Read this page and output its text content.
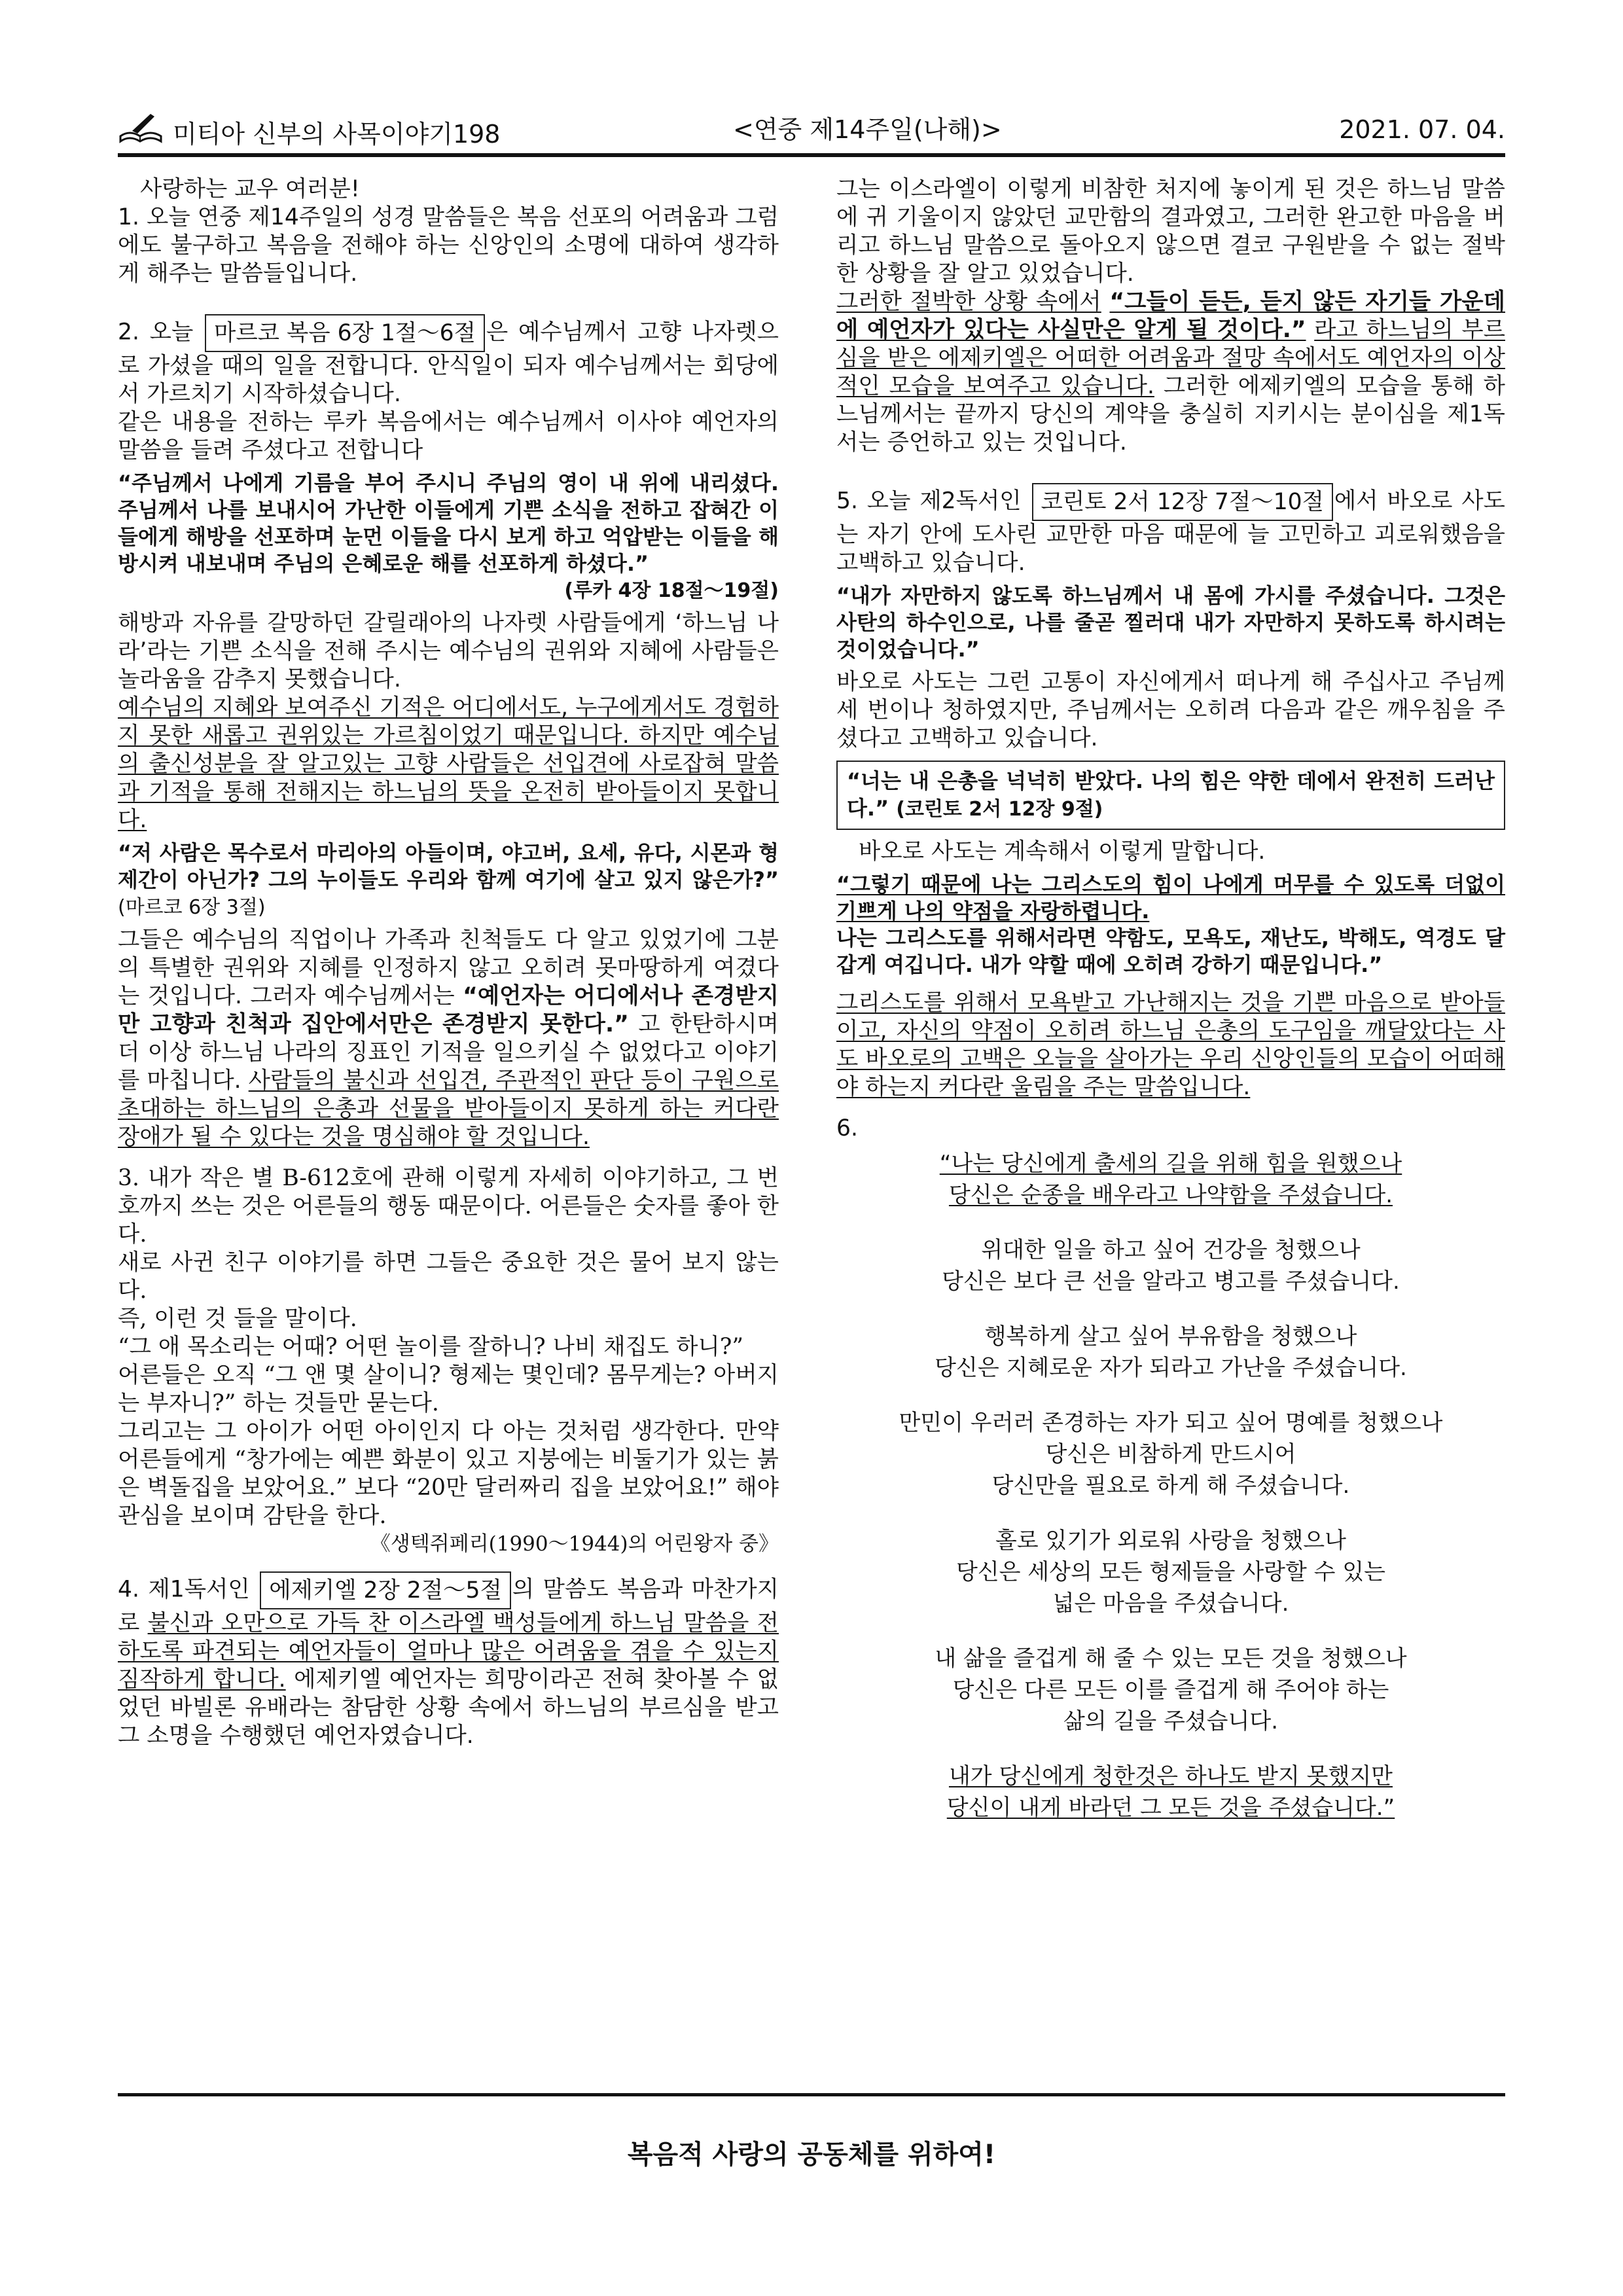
미티아 신부의 사목이야기198	<연중 제14주일(나해)>	2021. 07. 04.

사랑하는 교우 여러분!

1. 오늘 연중 제14주일의 성경 말씀들은 복음 선포의 어려움과 그럼에도 불구하고 복음을 전해야 하는 신앙인의 소명에 대하여 생각하게 해주는 말씀들입니다.

2. 오늘 마르코 복음 6장 1절～6절 은 예수님께서 고향 나자렛으로 가셨을 때의 일을 전합니다. 안식일이 되자 예수님께서는 회당에서 가르치기 시작하셨습니다.

같은 내용을 전하는 루카 복음에서는 예수님께서 이사야 예언자의 말씀을 들려 주셨다고 전합니다

“주님께서 나에게 기름을 부어 주시니 주님의 영이 내 위에 내리셨다. 주님께서 나를 보내시어 가난한 이들에게 기쁜 소식을 전하고 잡혀간 이들에게 해방을 선포하며 눈먼 이들을 다시 보게 하고 억압받는 이들을 해방시켜 내보내며 주님의 은혜로운 해를 선포하게 하셨다.”

(루카 4장 18절～19절)

해방과 자유를 갈망하던 갈릴래아의 나자렛 사람들에게 ‘하느님 나라’라는 기쁜 소식을 전해 주시는 예수님의 권위와 지혜에 사람들은 놀라움을 감추지 못했습니다.

예수님의 지혜와 보여주신 기적은 어디에서도, 누구에게서도 경험하지 못한 새롭고 권위있는 가르침이었기 때문입니다. 하지만 예수님의 출신성분을 잘 알고있는 고향 사람들은 선입견에 사로잡혀 말씀과 기적을 통해 전해지는 하느님의 뜻을 온전히 받아들이지 못합니다.

“저 사람은 목수로서 마리아의 아들이며, 야고버, 요세, 유다, 시몬과 형제간이 아닌가? 그의 누이들도 우리와 함께 여기에 살고 있지 않은가?” (마르코 6장 3절)

그들은 예수님의 직업이나 가족과 친척들도 다 알고 있었기에 그분의 특별한 권위와 지혜를 인정하지 않고 오히려 못마땅하게 여겼다는 것입니다. 그러자 예수님께서는 “예언자는 어디에서나 존경받지만 고향과 친척과 집안에서만은 존경받지 못한다.” 고 한탄하시며 더 이상 하느님 나라의 징표인 기적을 일으키실 수 없었다고 이야기를 마칩니다. 사람들의 불신과 선입견, 주관적인 판단 등이 구원으로 초대하는 하느님의 은총과 선물을 받아들이지 못하게 하는 커다란 장애가 될 수 있다는 것을 명심해야 할 것입니다.

3. 내가 작은 별 B-612호에 관해 이렇게 자세히 이야기하고, 그 번호까지 쓰는 것은 어른들의 행동 때문이다. 어른들은 숫자를 좋아 한다.

새로 사귄 친구 이야기를 하면 그들은 중요한 것은 물어 보지 않는다.

즉, 이런 것 들을 말이다.

“그 애 목소리는 어때? 어떤 놀이를 잘하니? 나비 채집도 하니?”

어른들은 오직 “그 앤 몇 살이니? 형제는 몇인데? 몸무게는? 아버지는 부자니?” 하는 것들만 묻는다.

그리고는 그 아이가 어떤 아이인지 다 아는 것처럼 생각한다. 만약 어른들에게 “창가에는 예쁜 화분이 있고 지붕에는 비둘기가 있는 붉은 벽돌집을 보았어요.” 보다 “20만 달러짜리 집을 보았어요!” 해야 관심을 보이며 감탄을 한다.

《생텍쥐페리(1990～1944)의 어린왕자 중》

4. 제1독서인 에제키엘 2장 2절～5절 의 말씀도 복음과 마찬가지로 불신과 오만으로 가득 찬 이스라엘 백성들에게 하느님 말씀을 전하도록 파견되는 예언자들이 얼마나 많은 어려움을 겪을 수 있는지 짐작하게 합니다. 에제키엘 예언자는 희망이라곤 전혀 찾아볼 수 없었던 바빌론 유배라는 참담한 상황 속에서 하느님의 부르심을 받고 그 소명을 수행했던 예언자였습니다.

그는 이스라엘이 이렇게 비참한 처지에 놓이게 된 것은 하느님 말씀에 귀 기울이지 않았던 교만함의 결과였고, 그러한 완고한 마음을 버리고 하느님 말씀으로 돌아오지 않으면 결코 구원받을 수 없는 절박한 상황을 잘 알고 있었습니다.

그러한 절박한 상황 속에서 “그들이 듣든, 듣지 않든 자기들 가운데에 예언자가 있다는 사실만은 알게 될 것이다.” 라고 하느님의 부르심을 받은 에제키엘은 어떠한 어려움과 절망 속에서도 예언자의 이상적인 모습을 보여주고 있습니다. 그러한 에제키엘의 모습을 통해 하느님께서는 끝까지 당신의 계약을 충실히 지키시는 분이심을 제1독서는 증언하고 있는 것입니다.

5. 오늘 제2독서인 코린토 2서 12장 7절～10절 에서 바오로 사도는 자기 안에 도사린 교만한 마음 때문에 늘 고민하고 괴로워했음을 고백하고 있습니다.

“내가 자만하지 않도록 하느님께서 내 몸에 가시를 주셨습니다. 그것은 사탄의 하수인으로, 나를 줄곧 찔러대 내가 자만하지 못하도록 하시려는 것이었습니다.”

바오로 사도는 그런 고통이 자신에게서 떠나게 해 주십사고 주님께 세 번이나 청하였지만, 주님께서는 오히려 다음과 같은 깨우침을 주셨다고 고백하고 있습니다.

“너는 내 은총을 넉넉히 받았다. 나의 힘은 약한 데에서 완전히 드러난다.” (코린토 2서 12장 9절)

바오로 사도는 계속해서 이렇게 말합니다.

“그렇기 때문에 나는 그리스도의 힘이 나에게 머무를 수 있도록 더없이 기쁘게 나의 약점을 자랑하렵니다.

나는 그리스도를 위해서라면 약함도, 모욕도, 재난도, 박해도, 역경도 달갑게 여깁니다. 내가 약할 때에 오히려 강하기 때문입니다.”

그리스도를 위해서 모욕받고 가난해지는 것을 기쁜 마음으로 받아들이고, 자신의 약점이 오히려 하느님 은총의 도구임을 깨달았다는 사도 바오로의 고백은 오늘을 살아가는 우리 신앙인들의 모습이 어떠해야 하는지 커다란 울림을 주는 말씀입니다.

6.

“나는 당신에게 출세의 길을 위해 힘을 원했으나

당신은 순종을 배우라고 나약함을 주셨습니다.

위대한 일을 하고 싶어 건강을 청했으나

당신은 보다 큰 선을 알라고 병고를 주셨습니다.

행복하게 살고 싶어 부유함을 청했으나

당신은 지혜로운 자가 되라고 가난을 주셨습니다.

만민이 우러러 존경하는 자가 되고 싶어 명예를 청했으나

당신은 비참하게 만드시어

당신만을 필요로 하게 해 주셨습니다.

홀로 있기가 외로워 사랑을 청했으나

당신은 세상의 모든 형제들을 사랑할 수 있는

넓은 마음을 주셨습니다.

내 삶을 즐겁게 해 줄 수 있는 모든 것을 청했으나

당신은 다른 모든 이를 즐겁게 해 주어야 하는

삶의 길을 주셨습니다.

내가 당신에게 청한것은 하나도 받지 못했지만

당신이 내게 바라던 그 모든 것을 주셨습니다.”

복음적 사랑의 공동체를 위하여!
